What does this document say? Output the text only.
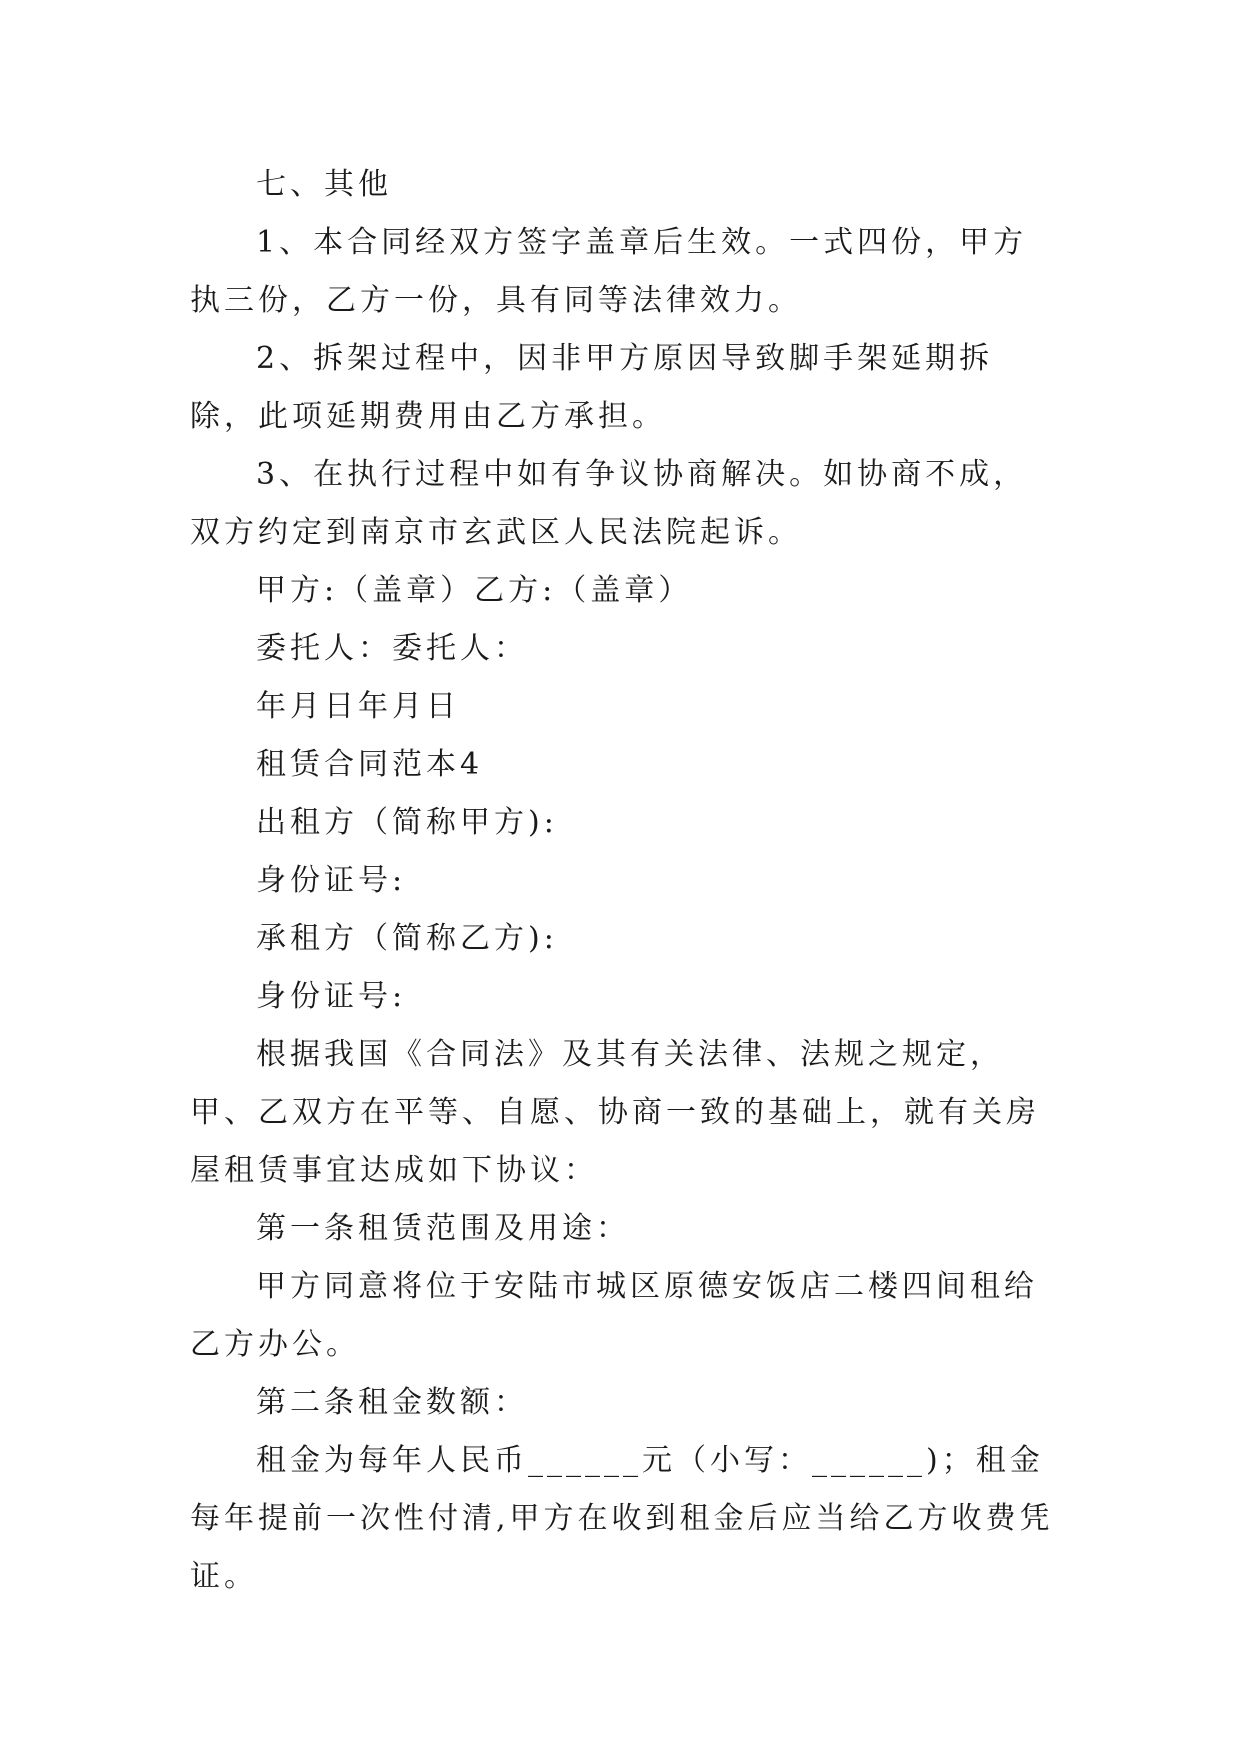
七、其他

1、本合同经双方签字盖章后生效。一式四份，甲方执三份，乙方一份，具有同等法律效力。

2、拆架过程中，因非甲方原因导致脚手架延期拆除，此项延期费用由乙方承担。

3、在执行过程中如有争议协商解决。如协商不成，双方约定到南京市玄武区人民法院起诉。

甲方:（盖章）乙方:（盖章）

委托人：委托人：

年月日年月日

租赁合同范本4

出租方（简称甲方):

身份证号:

承租方（简称乙方):

身份证号:

根据我国《合同法》及其有关法律、法规之规定，甲、乙双方在平等、自愿、协商一致的基础上，就有关房屋租赁事宜达成如下协议：

第一条租赁范围及用途：

甲方同意将位于安陆市城区原德安饭店二楼四间租给乙方办公。

第二条租金数额：

租金为每年人民币______元（小写：______)；租金每年提前一次性付清,甲方在收到租金后应当给乙方收费凭证。
